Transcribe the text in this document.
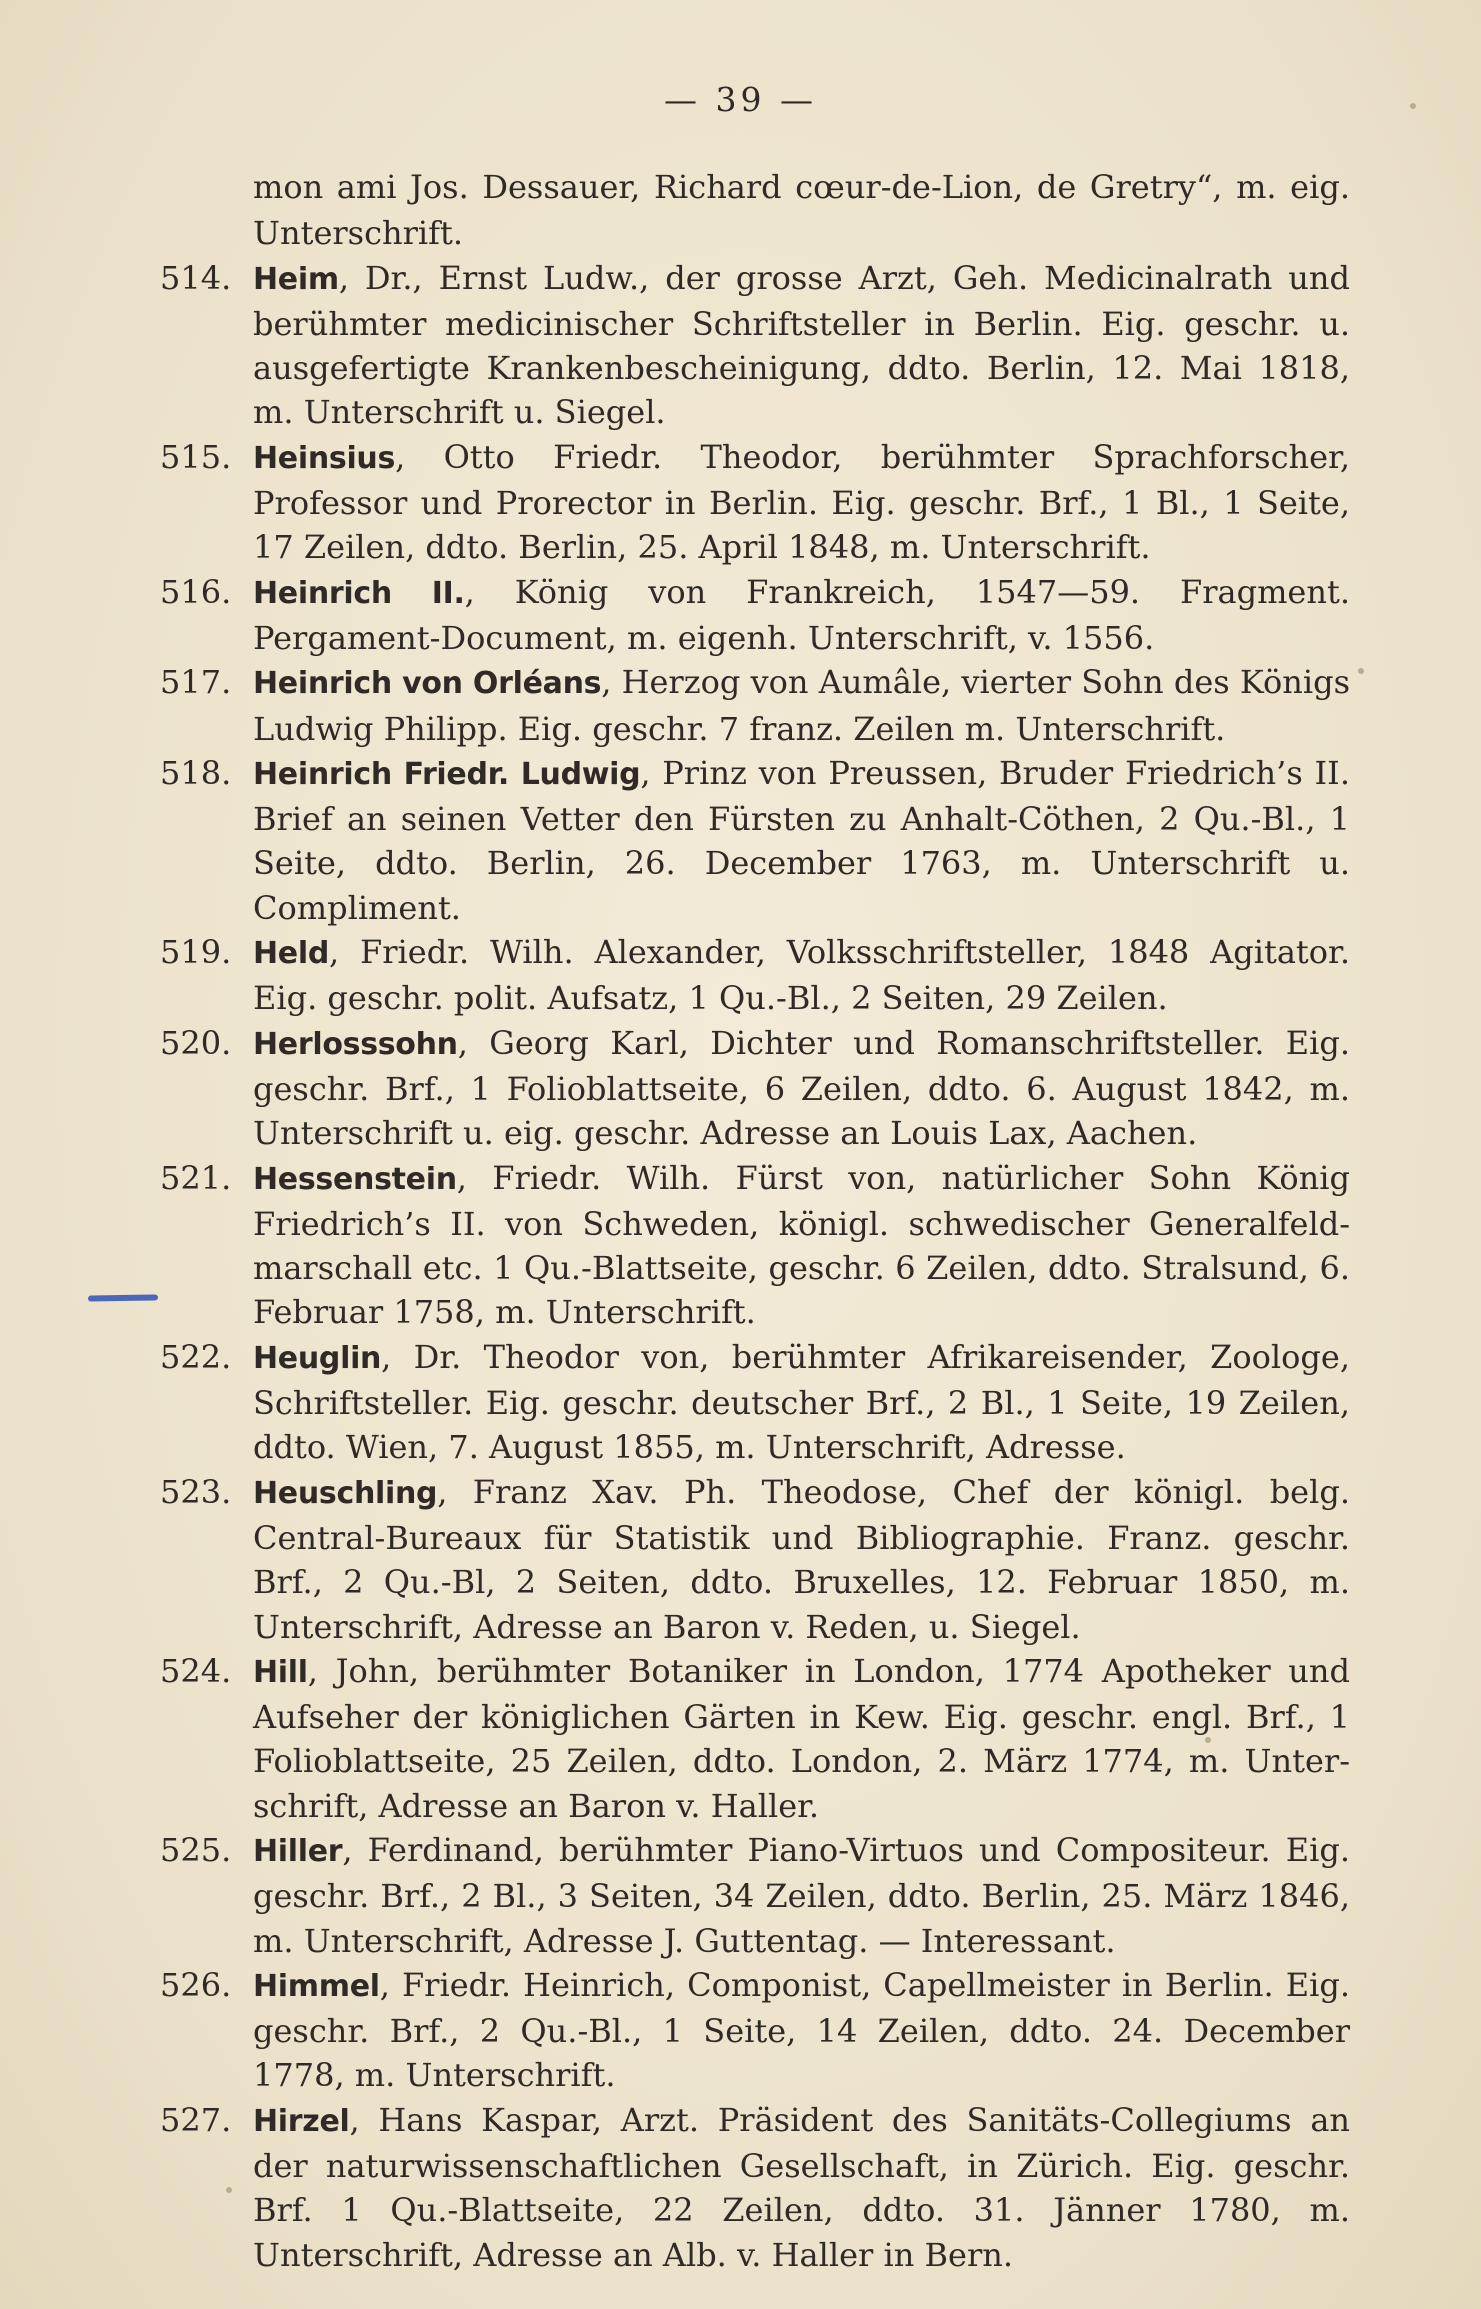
— 39 —
mon ami Jos. Dessauer, Richard cœur-de-Lion, de Gretry“, m. eig. Unterschrift.
514. Heim, Dr., Ernst Ludw., der grosse Arzt, Geh. Medicinalrath und berühmter medicinischer Schriftsteller in Berlin. Eig. geschr. u. ausgefertigte Krankenbescheinigung, ddto. Berlin, 12. Mai 1818, m. Unterschrift u. Siegel.
515. Heinsius, Otto Friedr. Theodor, berühmter Sprachforscher, Professor und Prorector in Berlin. Eig. geschr. Brf., 1 Bl., 1 Seite, 17 Zeilen, ddto. Berlin, 25. April 1848, m. Unterschrift.
516. Heinrich II., König von Frankreich, 1547—59. Fragment. Pergament-Document, m. eigenh. Unterschrift, v. 1556.
517. Heinrich von Orléans, Herzog von Aumâle, vierter Sohn des Königs Ludwig Philipp. Eig. geschr. 7 franz. Zeilen m. Unterschrift.
518. Heinrich Friedr. Ludwig, Prinz von Preussen, Bruder Friedrich’s II. Brief an seinen Vetter den Fürsten zu Anhalt-Cöthen, 2 Qu.-Bl., 1 Seite, ddto. Berlin, 26. December 1763, m. Unterschrift u. Compliment.
519. Held, Friedr. Wilh. Alexander, Volksschriftsteller, 1848 Agitator. Eig. geschr. polit. Aufsatz, 1 Qu.-Bl., 2 Seiten, 29 Zeilen.
520. Herlosssohn, Georg Karl, Dichter und Romanschriftsteller. Eig. geschr. Brf., 1 Folioblattseite, 6 Zeilen, ddto. 6. August 1842, m. Unterschrift u. eig. geschr. Adresse an Louis Lax, Aachen.
521. Hessenstein, Friedr. Wilh. Fürst von, natürlicher Sohn König Friedrich’s II. von Schweden, königl. schwedischer Generalfeld-marschall etc. 1 Qu.-Blattseite, geschr. 6 Zeilen, ddto. Stralsund, 6. Februar 1758, m. Unterschrift.
522. Heuglin, Dr. Theodor von, berühmter Afrikareisender, Zoologe, Schriftsteller. Eig. geschr. deutscher Brf., 2 Bl., 1 Seite, 19 Zeilen, ddto. Wien, 7. August 1855, m. Unterschrift, Adresse.
523. Heuschling, Franz Xav. Ph. Theodose, Chef der königl. belg. Central-Bureaux für Statistik und Bibliographie. Franz. geschr. Brf., 2 Qu.-Bl, 2 Seiten, ddto. Bruxelles, 12. Februar 1850, m. Unterschrift, Adresse an Baron v. Reden, u. Siegel.
524. Hill, John, berühmter Botaniker in London, 1774 Apotheker und Aufseher der königlichen Gärten in Kew. Eig. geschr. engl. Brf., 1 Folioblattseite, 25 Zeilen, ddto. London, 2. März 1774, m. Unter-schrift, Adresse an Baron v. Haller.
525. Hiller, Ferdinand, berühmter Piano-Virtuos und Compositeur. Eig. geschr. Brf., 2 Bl., 3 Seiten, 34 Zeilen, ddto. Berlin, 25. März 1846, m. Unterschrift, Adresse J. Guttentag. — Interessant.
526. Himmel, Friedr. Heinrich, Componist, Capellmeister in Berlin. Eig. geschr. Brf., 2 Qu.-Bl., 1 Seite, 14 Zeilen, ddto. 24. December 1778, m. Unterschrift.
527. Hirzel, Hans Kaspar, Arzt. Präsident des Sanitäts-Collegiums an der naturwissenschaftlichen Gesellschaft, in Zürich. Eig. geschr. Brf. 1 Qu.-Blattseite, 22 Zeilen, ddto. 31. Jänner 1780, m. Unterschrift, Adresse an Alb. v. Haller in Bern.
